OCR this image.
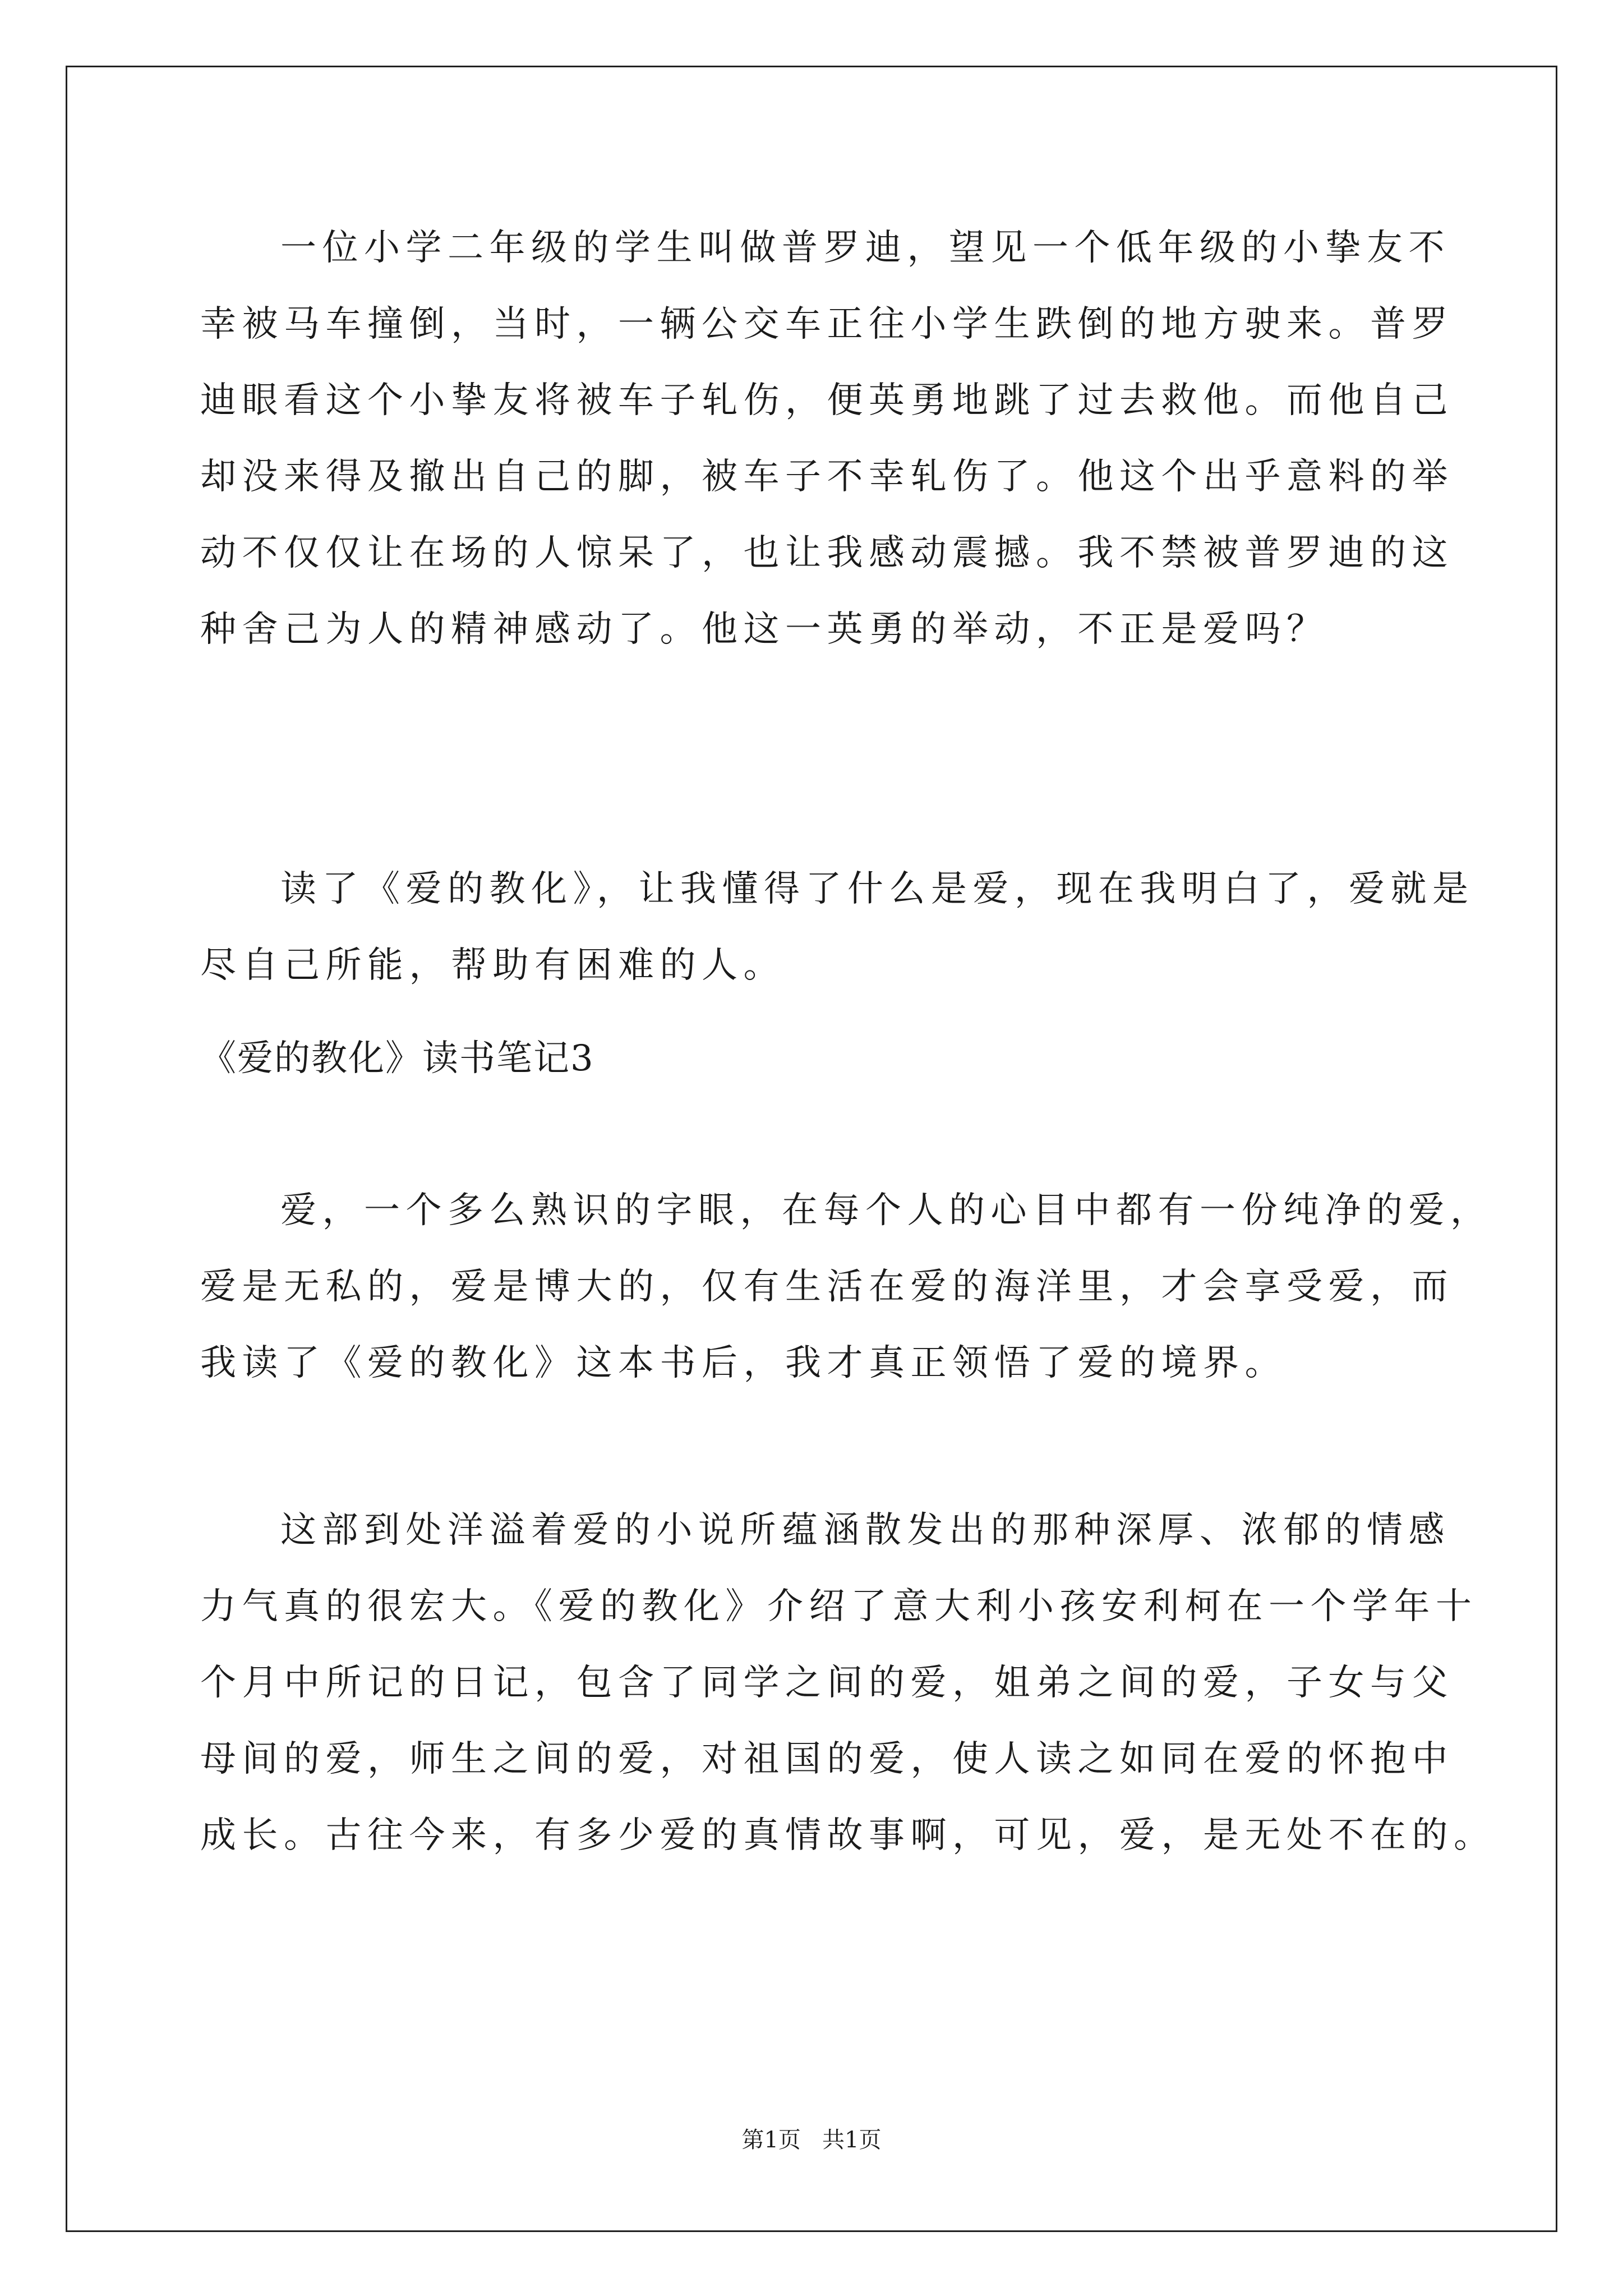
一位小学二年级的学生叫做普罗迪，望见一个低年级的小挚友不
幸被马车撞倒，当时，一辆公交车正往小学生跌倒的地方驶来。普罗
迪眼看这个小挚友将被车子轧伤，便英勇地跳了过去救他。而他自己
却没来得及撤出自己的脚，被车子不幸轧伤了。他这个出乎意料的举
动不仅仅让在场的人惊呆了，也让我感动震撼。我不禁被普罗迪的这
种舍己为人的精神感动了。他这一英勇的举动，不正是爱吗？
读了《爱的教化》，让我懂得了什么是爱，现在我明白了，爱就是
尽自己所能，帮助有困难的人。
《爱的教化》读书笔记3
爱，一个多么熟识的字眼，在每个人的心目中都有一份纯净的爱，
爱是无私的，爱是博大的，仅有生活在爱的海洋里，才会享受爱，而
我读了《爱的教化》这本书后，我才真正领悟了爱的境界。
这部到处洋溢着爱的小说所蕴涵散发出的那种深厚、浓郁的情感
力气真的很宏大。《爱的教化》介绍了意大利小孩安利柯在一个学年十
个月中所记的日记，包含了同学之间的爱，姐弟之间的爱，子女与父
母间的爱，师生之间的爱，对祖国的爱，使人读之如同在爱的怀抱中
成长。古往今来，有多少爱的真情故事啊，可见，爱，是无处不在的。
第1页   共1页
